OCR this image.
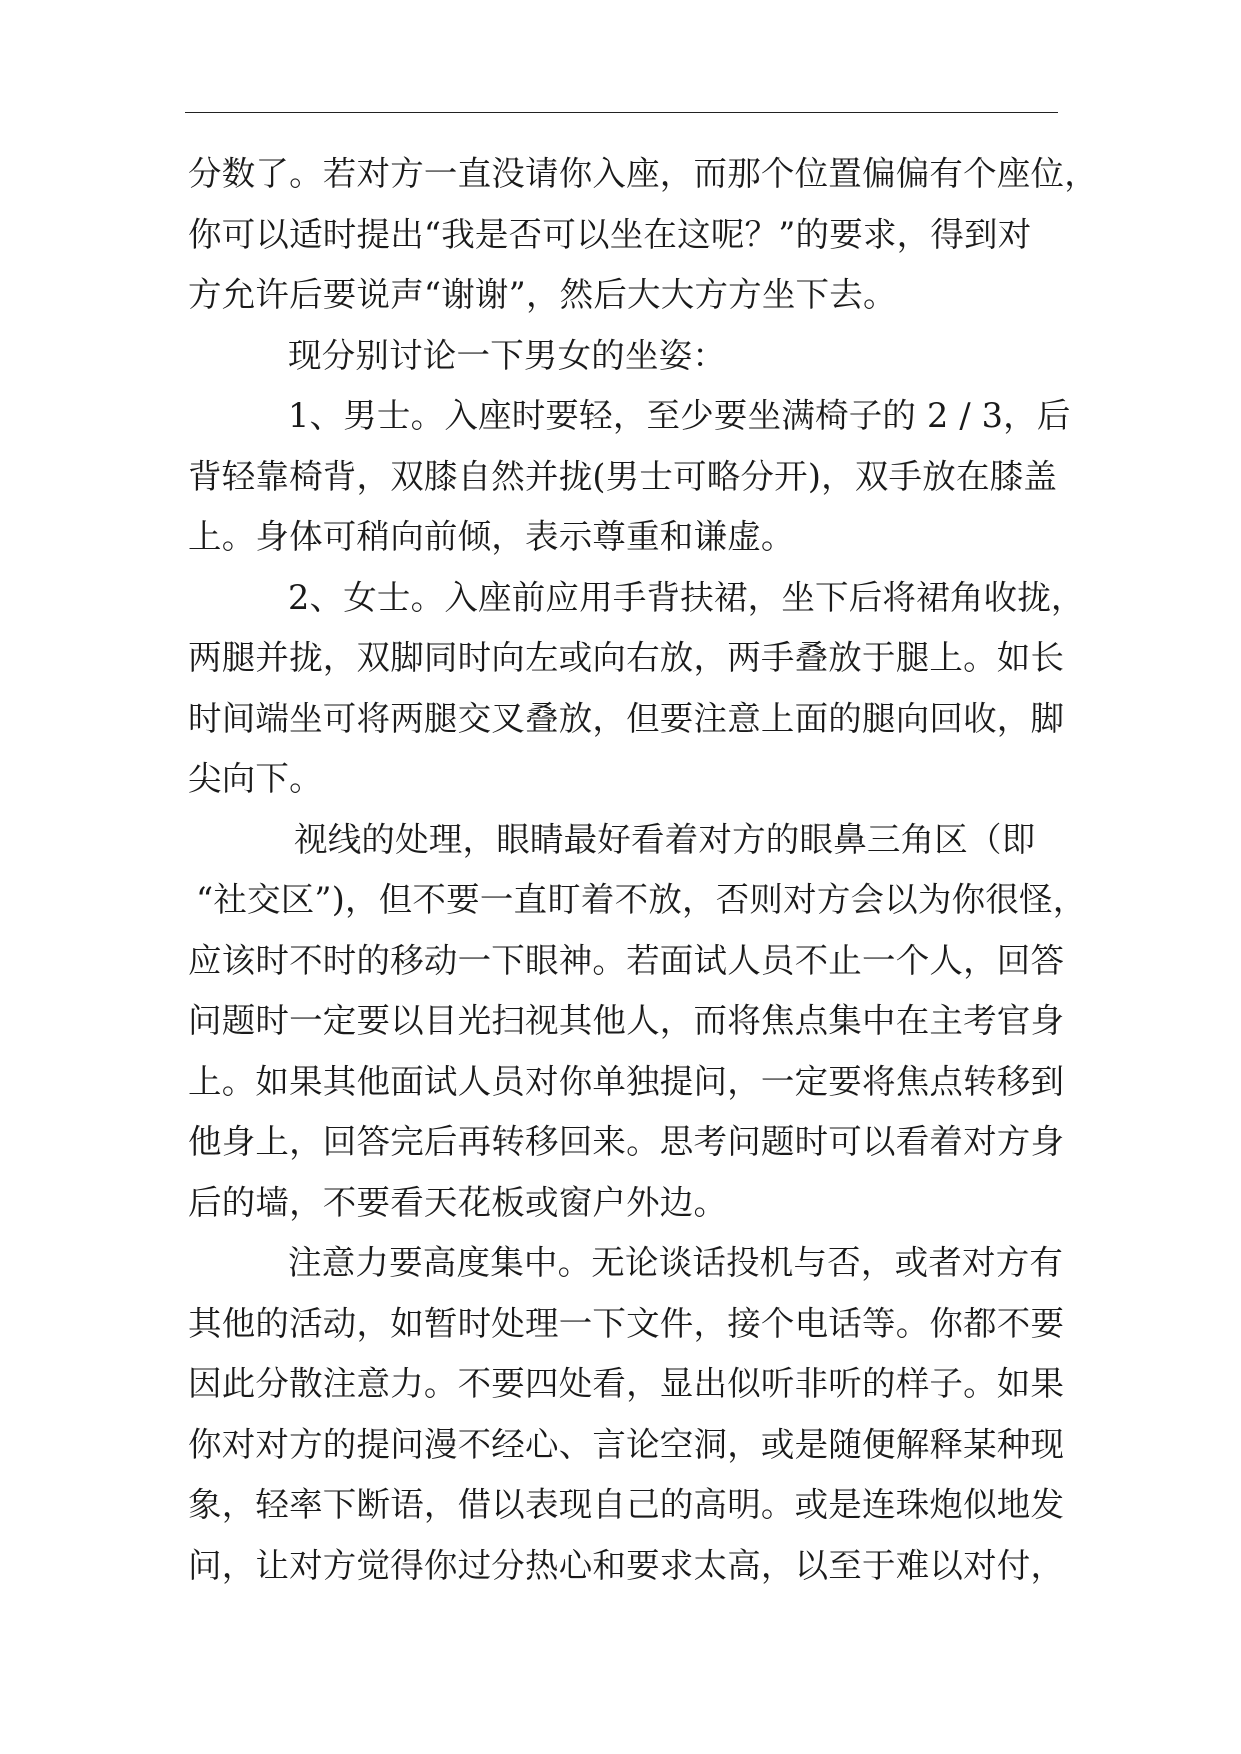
分数了。若对方一直没请你入座，而那个位置偏偏有个座位，
你可以适时提出“我是否可以坐在这呢？”的要求，得到对
方允许后要说声“谢谢”，然后大大方方坐下去。
现分别讨论一下男女的坐姿：
1、男士。入座时要轻，至少要坐满椅子的 2 / 3，后
背轻靠椅背，双膝自然并拢(男士可略分开)，双手放在膝盖
上。身体可稍向前倾，表示尊重和谦虚。
2、女士。入座前应用手背扶裙，坐下后将裙角收拢，
两腿并拢，双脚同时向左或向右放，两手叠放于腿上。如长
时间端坐可将两腿交叉叠放，但要注意上面的腿向回收，脚
尖向下。
视线的处理，眼睛最好看着对方的眼鼻三角区（即
“社交区”)，但不要一直盯着不放，否则对方会以为你很怪，
应该时不时的移动一下眼神。若面试人员不止一个人，回答
问题时一定要以目光扫视其他人，而将焦点集中在主考官身
上。如果其他面试人员对你单独提问，一定要将焦点转移到
他身上，回答完后再转移回来。思考问题时可以看着对方身
后的墙，不要看天花板或窗户外边。
注意力要高度集中。无论谈话投机与否，或者对方有
其他的活动，如暂时处理一下文件，接个电话等。你都不要
因此分散注意力。不要四处看，显出似听非听的样子。如果
你对对方的提问漫不经心、言论空洞，或是随便解释某种现
象，轻率下断语，借以表现自己的高明。或是连珠炮似地发
问，让对方觉得你过分热心和要求太高，以至于难以对付，
